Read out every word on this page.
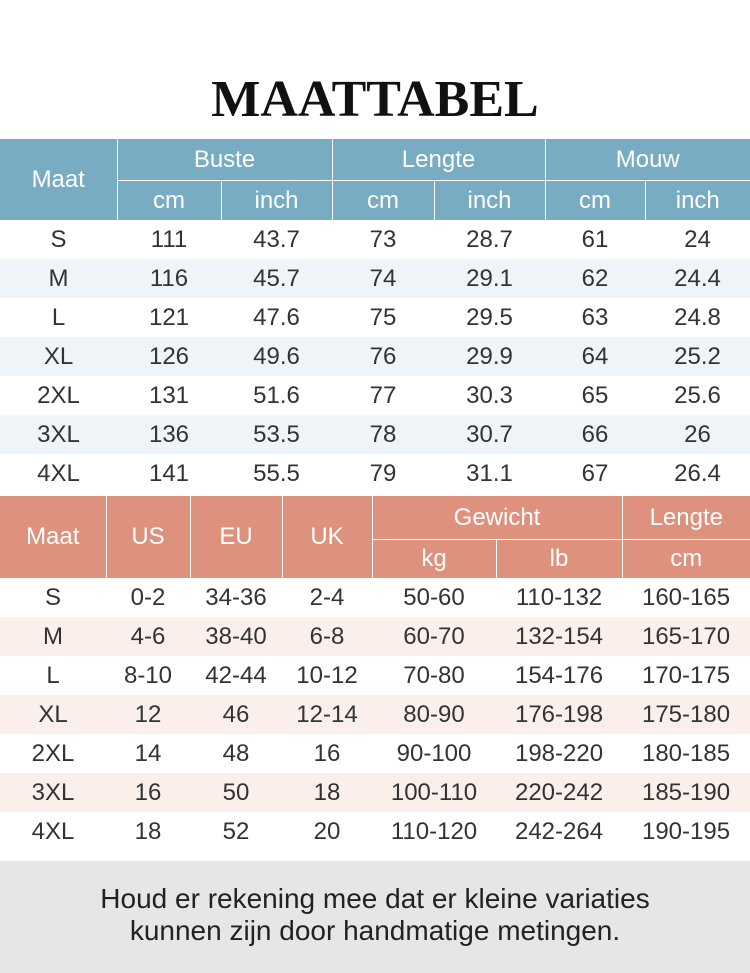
MAATTABEL
Maat	Buste		Lengte		Mouw	
	cm	inch	cm	inch	cm	inch
S	111	43.7	73	28.7	61	24
M	116	45.7	74	29.1	62	24.4
L	121	47.6	75	29.5	63	24.8
XL	126	49.6	76	29.9	64	25.2
2XL	131	51.6	77	30.3	65	25.6
3XL	136	53.5	78	30.7	66	26
4XL	141	55.5	79	31.1	67	26.4
Maat	US	EU	UK	Gewicht		Lengte
				kg	lb	cm
S	0-2	34-36	2-4	50-60	110-132	160-165
M	4-6	38-40	6-8	60-70	132-154	165-170
L	8-10	42-44	10-12	70-80	154-176	170-175
XL	12	46	12-14	80-90	176-198	175-180
2XL	14	48	16	90-100	198-220	180-185
3XL	16	50	18	100-110	220-242	185-190
4XL	18	52	20	110-120	242-264	190-195
Houd er rekening mee dat er kleine variaties
kunnen zijn door handmatige metingen.
